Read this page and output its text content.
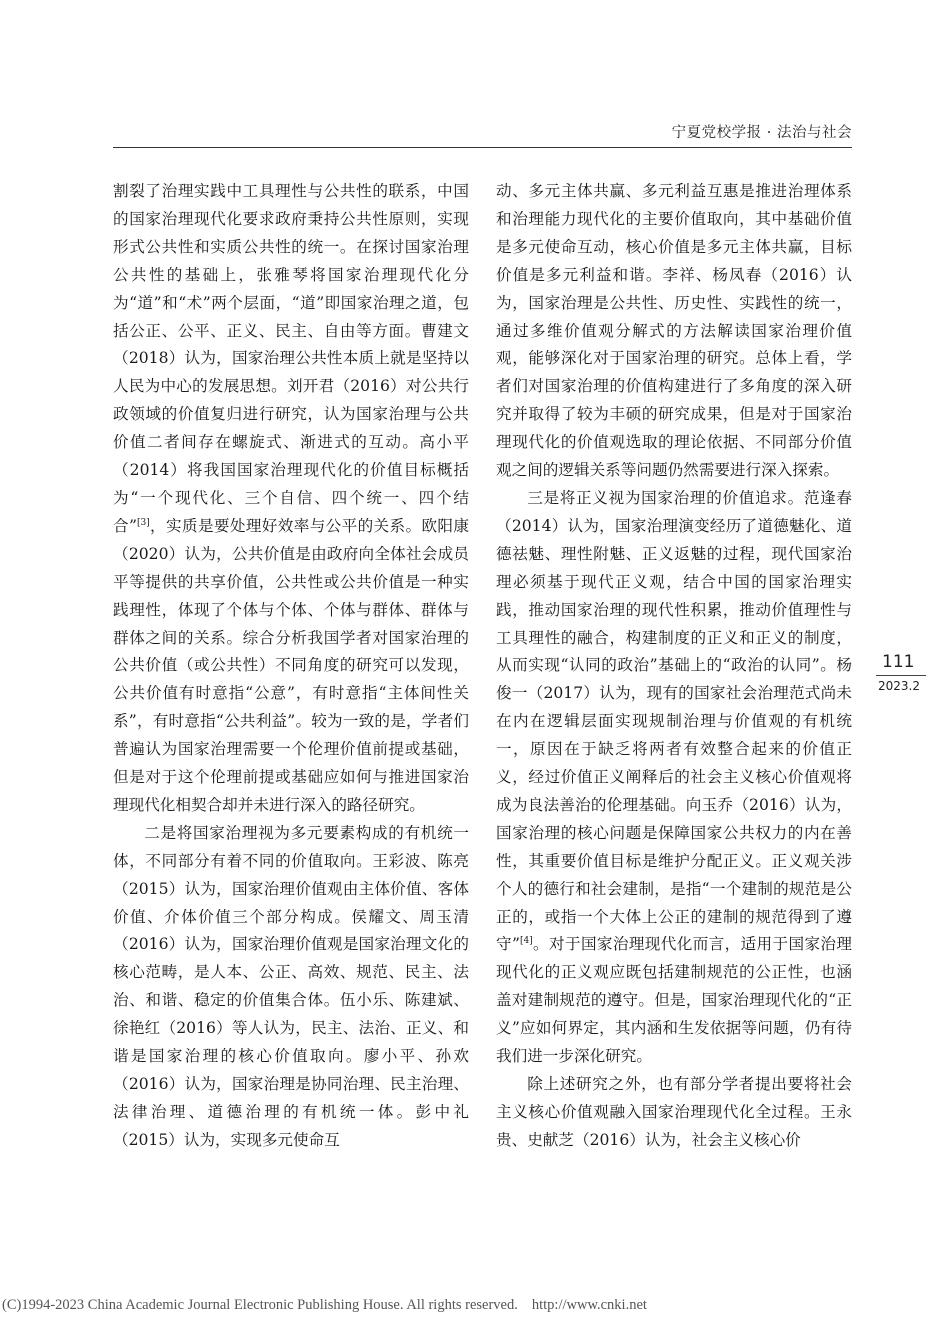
宁夏党校学报 · 法治与社会

割裂了治理实践中工具理性与公共性的联系，中国的国家治理现代化要求政府秉持公共性原则，实现形式公共性和实质公共性的统一。在探讨国家治理公共性的基础上，张雅琴将国家治理现代化分为“道”和“术”两个层面，“道”即国家治理之道，包括公正、公平、正义、民主、自由等方面。曹建文（2018）认为，国家治理公共性本质上就是坚持以人民为中心的发展思想。刘开君（2016）对公共行政领域的价值复归进行研究，认为国家治理与公共价值二者间存在螺旋式、渐进式的互动。高小平（2014）将我国国家治理现代化的价值目标概括为“一个现代化、三个自信、四个统一、四个结合”[3]，实质是要处理好效率与公平的关系。欧阳康（2020）认为，公共价值是由政府向全体社会成员平等提供的共享价值，公共性或公共价值是一种实践理性，体现了个体与个体、个体与群体、群体与群体之间的关系。综合分析我国学者对国家治理的公共价值（或公共性）不同角度的研究可以发现，公共价值有时意指“公意”，有时意指“主体间性关系”，有时意指“公共利益”。较为一致的是，学者们普遍认为国家治理需要一个伦理价值前提或基础，但是对于这个伦理前提或基础应如何与推进国家治理现代化相契合却并未进行深入的路径研究。

二是将国家治理视为多元要素构成的有机统一体，不同部分有着不同的价值取向。王彩波、陈亮（2015）认为，国家治理价值观由主体价值、客体价值、介体价值三个部分构成。侯耀文、周玉清（2016）认为，国家治理价值观是国家治理文化的核心范畴，是人本、公正、高效、规范、民主、法治、和谐、稳定的价值集合体。伍小乐、陈建斌、徐艳红（2016）等人认为，民主、法治、正义、和谐是国家治理的核心价值取向。廖小平、孙欢（2016）认为，国家治理是协同治理、民主治理、法律治理、道德治理的有机统一体。彭中礼（2015）认为，实现多元使命互

动、多元主体共赢、多元利益互惠是推进治理体系和治理能力现代化的主要价值取向，其中基础价值是多元使命互动，核心价值是多元主体共赢，目标价值是多元利益和谐。李祥、杨凤春（2016）认为，国家治理是公共性、历史性、实践性的统一，通过多维价值观分解式的方法解读国家治理价值观，能够深化对于国家治理的研究。总体上看，学者们对国家治理的价值构建进行了多角度的深入研究并取得了较为丰硕的研究成果，但是对于国家治理现代化的价值观选取的理论依据、不同部分价值观之间的逻辑关系等问题仍然需要进行深入探索。

三是将正义视为国家治理的价值追求。范逢春（2014）认为，国家治理演变经历了道德魅化、道德祛魅、理性附魅、正义返魅的过程，现代国家治理必须基于现代正义观，结合中国的国家治理实践，推动国家治理的现代性积累，推动价值理性与工具理性的融合，构建制度的正义和正义的制度，从而实现“认同的政治”基础上的“政治的认同”。杨俊一（2017）认为，现有的国家社会治理范式尚未在内在逻辑层面实现规制治理与价值观的有机统一，原因在于缺乏将两者有效整合起来的价值正义，经过价值正义阐释后的社会主义核心价值观将成为良法善治的伦理基础。向玉乔（2016）认为，国家治理的核心问题是保障国家公共权力的内在善性，其重要价值目标是维护分配正义。正义观关涉个人的德行和社会建制，是指“一个建制的规范是公正的，或指一个大体上公正的建制的规范得到了遵守”[4]。对于国家治理现代化而言，适用于国家治理现代化的正义观应既包括建制规范的公正性，也涵盖对建制规范的遵守。但是，国家治理现代化的“正义”应如何界定，其内涵和生发依据等问题，仍有待我们进一步深化研究。

除上述研究之外，也有部分学者提出要将社会主义核心价值观融入国家治理现代化全过程。王永贵、史献芝（2016）认为，社会主义核心价

111
2023.2
(C)1994-2023 China Academic Journal Electronic Publishing House. All rights reserved. http://www.cnki.net
